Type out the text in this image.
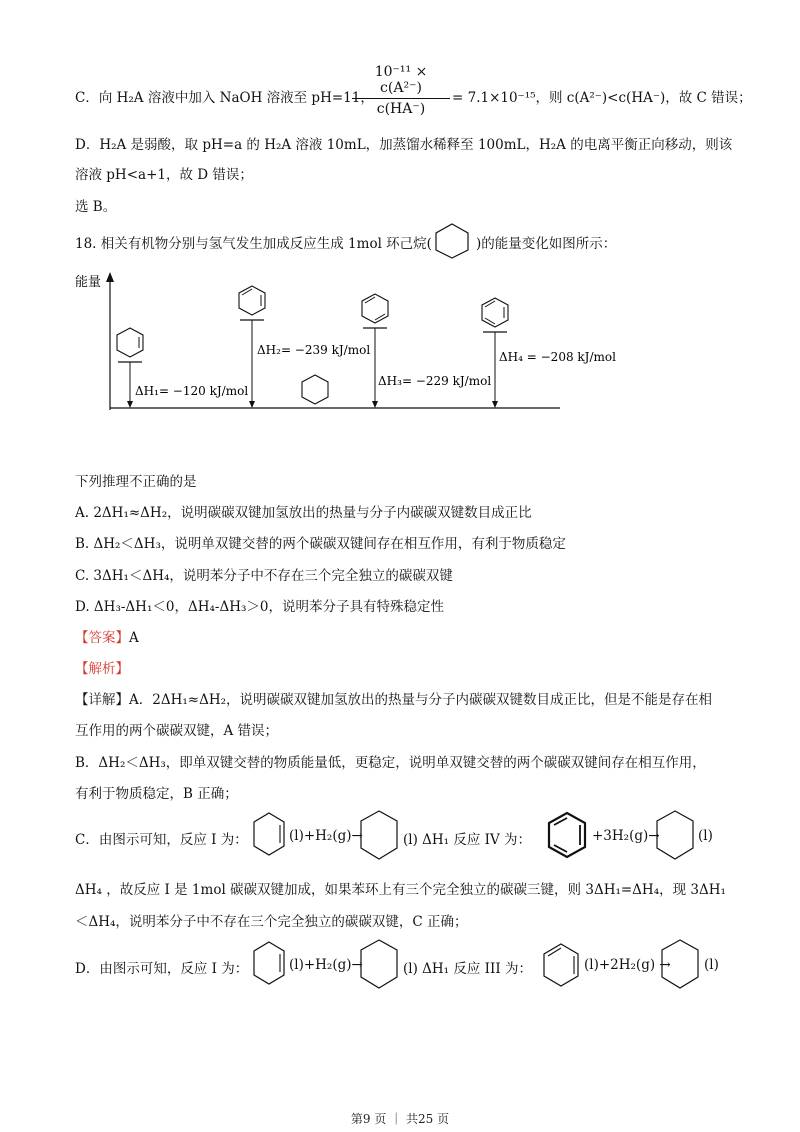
C．向 H₂A 溶液中加入 NaOH 溶液至 pH=11，
$\frac{\text{10⁻¹¹ × c(A²⁻)}}{c(HA^-)} = 7.1\times 10^{-15}$，则 c(A²⁻)<c(HA⁻)，故 C 错误；
D．H₂A 是弱酸，取 pH=a 的 H₂A 溶液 10mL，加蒸馏水稀释至 100mL，H₂A 的电离平衡正向移动，则该
溶液 pH<a+1，故 D 错误；
选 B。
18. 相关有机物分别与氢气发生加成反应生成 1mol 环己烷(	)的能量变化如图所示：
能量
ΔH₁= −120 kJ/mol
ΔH₂= −239 kJ/mol
ΔH₃= −229 kJ/mol
ΔH₄ = −208 kJ/mol
下列推理不正确的是
A. 2ΔH₁≈ΔH₂，说明碳碳双键加氢放出的热量与分子内碳碳双键数目成正比
B. ΔH₂＜ΔH₃，说明单双键交替的两个碳碳双键间存在相互作用，有利于物质稳定
C. 3ΔH₁＜ΔH₄，说明苯分子中不存在三个完全独立的碳碳双键
D. ΔH₃-ΔH₁＜0，ΔH₄-ΔH₃＞0，说明苯分子具有特殊稳定性
【答案】A
【解析】
【详解】A．2ΔH₁≈ΔH₂，说明碳碳双键加氢放出的热量与分子内碳碳双键数目成正比，但是不能是存在相
互作用的两个碳碳双键，A 错误；
B．ΔH₂＜ΔH₃，即单双键交替的物质能量低，更稳定，说明单双键交替的两个碳碳双键间存在相互作用，
有利于物质稳定，B 正确；
C．由图示可知，反应 I 为：	(l)+H₂(g)→	(l) ΔH₁ 反应 IV 为：	+3H₂(g)→	(l)
ΔH₄ ，故反应 I 是 1mol 碳碳双键加成，如果苯环上有三个完全独立的碳碳三键，则 3ΔH₁=ΔH₄，现 3ΔH₁
＜ΔH₄，说明苯分子中不存在三个完全独立的碳碳双键，C 正确；
D．由图示可知，反应 I 为：	(l)+H₂(g)→	(l) ΔH₁ 反应 III 为：	(l)+2H₂(g) → (l)
第9 页 ｜ 共25 页
